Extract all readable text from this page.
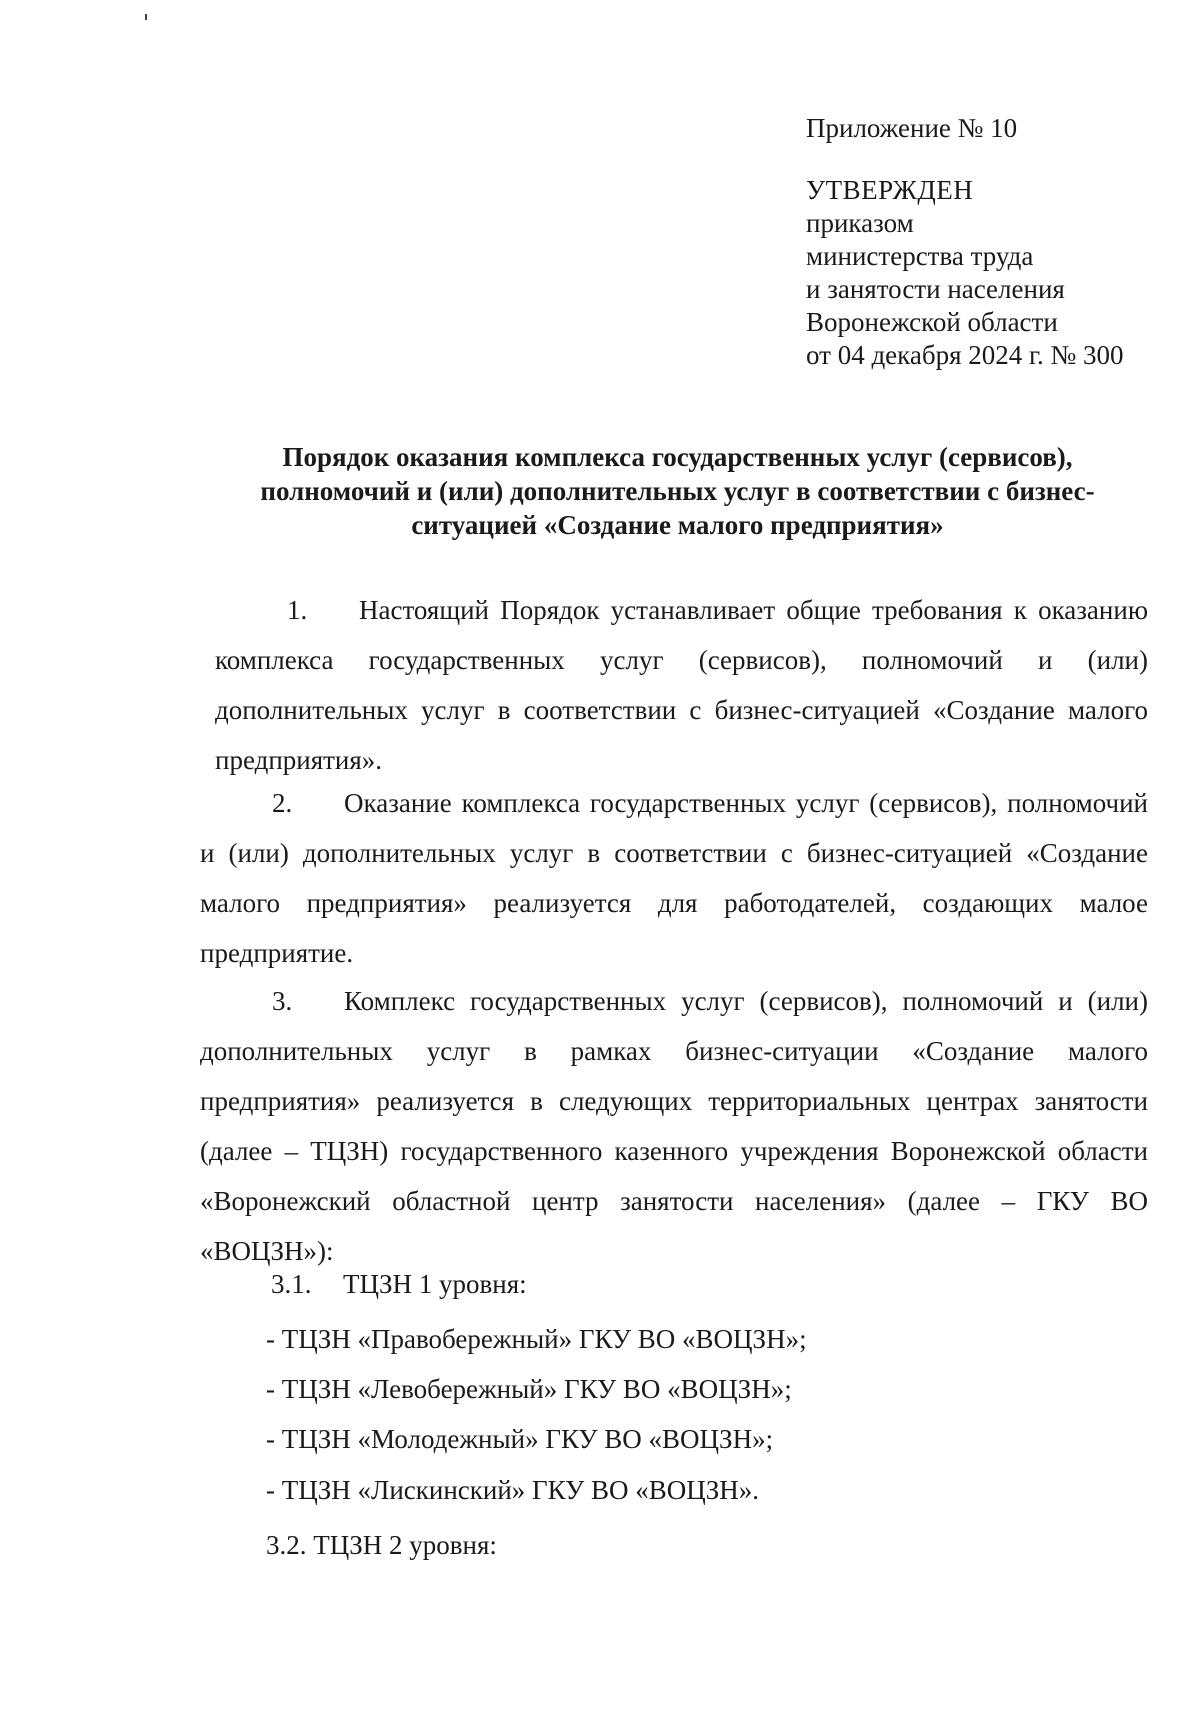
Приложение № 10
УТВЕРЖДЕН
приказом
министерства труда
и занятости населения
Воронежской области
от 04 декабря 2024 г. № 300
Порядок оказания комплекса государственных услуг (сервисов),
полномочий и (или) дополнительных услуг в соответствии с бизнес-
ситуацией «Создание малого предприятия»
1. Настоящий Порядок устанавливает общие требования к оказанию комплекса государственных услуг (сервисов), полномочий и (или) дополнительных услуг в соответствии с бизнес-ситуацией «Создание малого предприятия».
2. Оказание комплекса государственных услуг (сервисов), полномочий и (или) дополнительных услуг в соответствии с бизнес-ситуацией «Создание малого предприятия» реализуется для работодателей, создающих малое предприятие.
3. Комплекс государственных услуг (сервисов), полномочий и (или) дополнительных услуг в рамках бизнес-ситуации «Создание малого предприятия» реализуется в следующих территориальных центрах занятости (далее – ТЦЗН) государственного казенного учреждения Воронежской области «Воронежский областной центр занятости населения» (далее – ГКУ ВО «ВОЦЗН»):
3.1. ТЦЗН 1 уровня:
- ТЦЗН «Правобережный» ГКУ ВО «ВОЦЗН»;
- ТЦЗН «Левобережный» ГКУ ВО «ВОЦЗН»;
- ТЦЗН «Молодежный» ГКУ ВО «ВОЦЗН»;
- ТЦЗН «Лискинский» ГКУ ВО «ВОЦЗН».
3.2. ТЦЗН 2 уровня:
